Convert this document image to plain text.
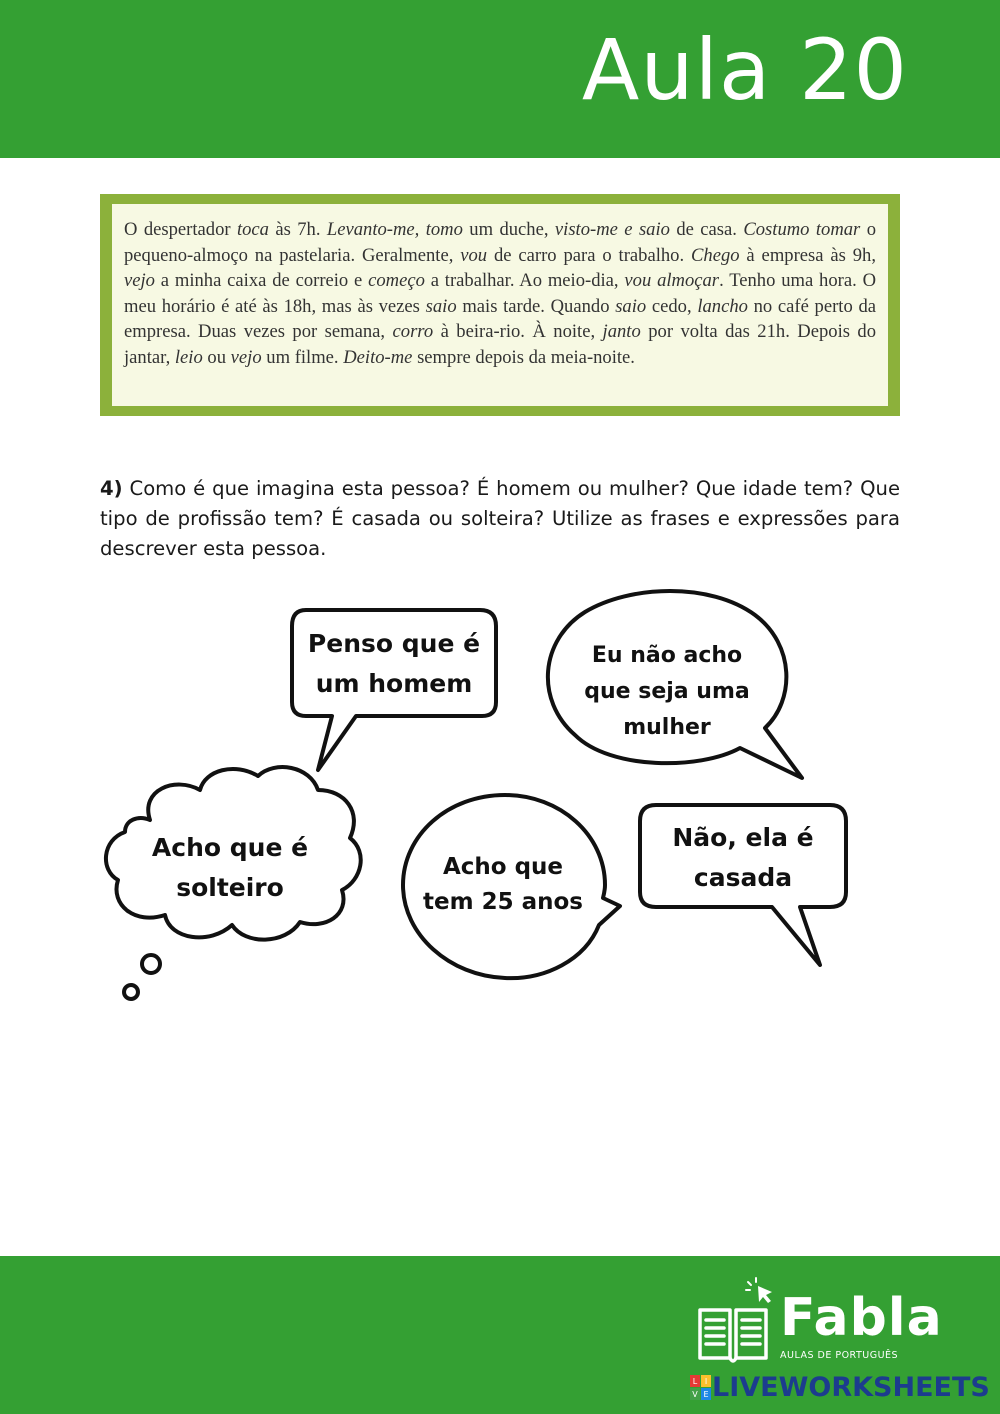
Aula 20
O despertador toca às 7h. Levanto-me, tomo um duche, visto-me e saio de casa. Costumo tomar o pequeno-almoço na pastelaria. Geralmente, vou de carro para o trabalho. Chego à empresa às 9h, vejo a minha caixa de correio e começo a trabalhar. Ao meio-dia, vou almoçar. Tenho uma hora. O meu horário é até às 18h, mas às vezes saio mais tarde. Quando saio cedo, lancho no café perto da empresa. Duas vezes por semana, corro à beira-rio. À noite, janto por volta das 21h. Depois do jantar, leio ou vejo um filme. Deito-me sempre depois da meia-noite.
4) Como é que imagina esta pessoa? É homem ou mulher? Que idade tem? Que tipo de profissão tem? É casada ou solteira? Utilize as frases e expressões para descrever esta pessoa.
Penso que é
um homem
Eu não acho
que seja uma
mulher
Acho que é
solteiro
Acho que
tem 25 anos
Não, ela é
casada
Fabla
AULAS DE PORTUGUÊS
L I
V E LIVEWORKSHEETS
